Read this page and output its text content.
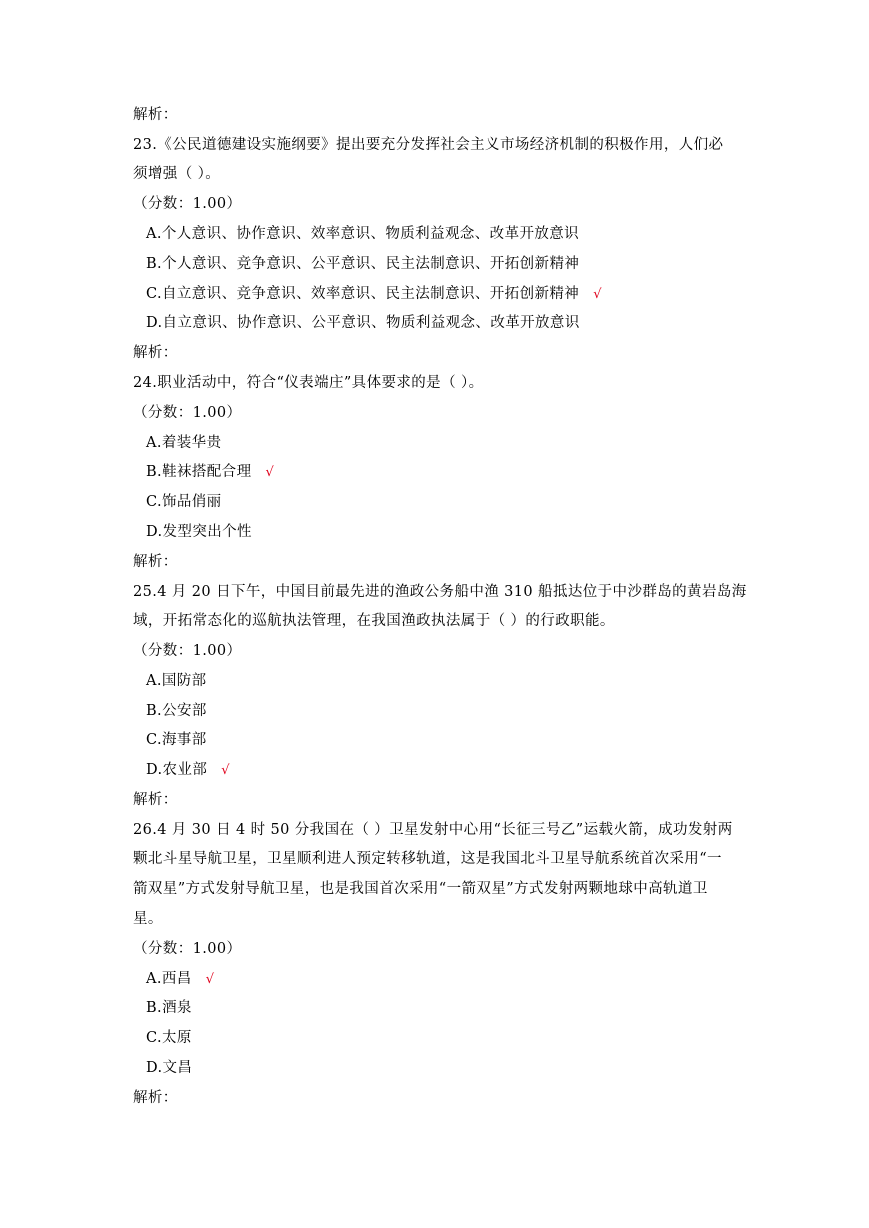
解析：
23.《公民道德建设实施纲要》提出要充分发挥社会主义市场经济机制的积极作用，人们必
须增强（ ）。
（分数：1.00）
A.个人意识、协作意识、效率意识、物质利益观念、改革开放意识
B.个人意识、竞争意识、公平意识、民主法制意识、开拓创新精神
C.自立意识、竞争意识、效率意识、民主法制意识、开拓创新精神 √
D.自立意识、协作意识、公平意识、物质利益观念、改革开放意识
解析：
24.职业活动中，符合“仪表端庄”具体要求的是（ ）。
（分数：1.00）
A.着装华贵
B.鞋袜搭配合理 √
C.饰品俏丽
D.发型突出个性
解析：
25.4 月 20 日下午，中国目前最先进的渔政公务船中渔 310 船抵达位于中沙群岛的黄岩岛海
域，开拓常态化的巡航执法管理，在我国渔政执法属于（ ）的行政职能。
（分数：1.00）
A.国防部
B.公安部
C.海事部
D.农业部 √
解析：
26.4 月 30 日 4 时 50 分我国在（ ）卫星发射中心用“长征三号乙”运载火箭，成功发射两
颗北斗星导航卫星，卫星顺利进人预定转移轨道，这是我国北斗卫星导航系统首次采用“一
箭双星”方式发射导航卫星，也是我国首次采用“一箭双星”方式发射两颗地球中高轨道卫
星。
（分数：1.00）
A.西昌 √
B.酒泉
C.太原
D.文昌
解析：
